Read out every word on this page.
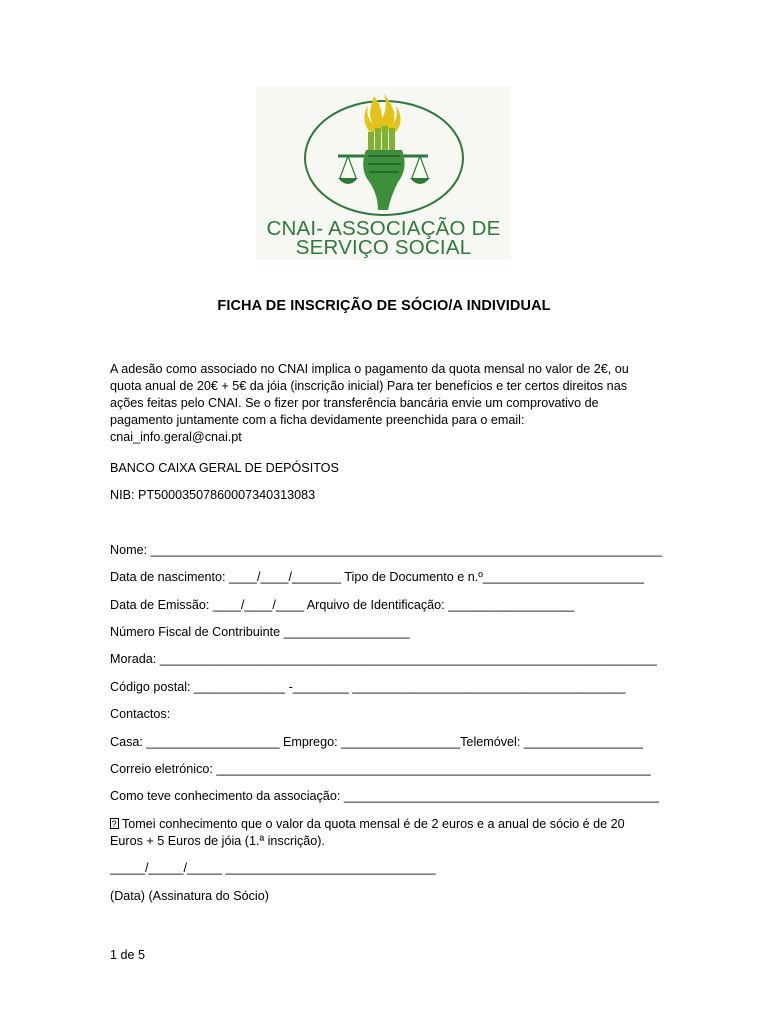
CNAI- ASSOCIAÇÃO DE
SERVIÇO SOCIAL
FICHA DE INSCRIÇÃO DE SÓCIO/A INDIVIDUAL

A adesão como associado no CNAI implica o pagamento da quota mensal no valor de 2€, ou

quota anual de 20€ + 5€ da jóia (inscrição inicial) Para ter benefícios e ter certos direitos nas

ações feitas pelo CNAI. Se o fizer por transferência bancária envie um comprovativo de

pagamento juntamente com a ficha devidamente preenchida para o email:

cnai_info.geral@cnai.pt

BANCO CAIXA GERAL DE DEPÓSITOS
NIB: PT50003507860007340313083
Nome: _________________________________________________________________________
Data de nascimento: ____/____/_______ Tipo de Documento e n.º_______________________
Data de Emissão: ____/____/____ Arquivo de Identificação: __________________
Número Fiscal de Contribuinte __________________
Morada: _______________________________________________________________________
Código postal: _____________ -________ _______________________________________
Contactos:
Casa: ___________________ Emprego: _________________Telemóvel: _________________
Correio eletrónico: ______________________________________________________________
Como teve conhecimento da associação: _____________________________________________

?Tomei conhecimento que o valor da quota mensal é de 2 euros e a anual de sócio é de 20

Euros + 5 Euros de jóia (1.ª inscrição).

_____/_____/_____ ______________________________
(Data) (Assinatura do Sócio)
1 de 5
